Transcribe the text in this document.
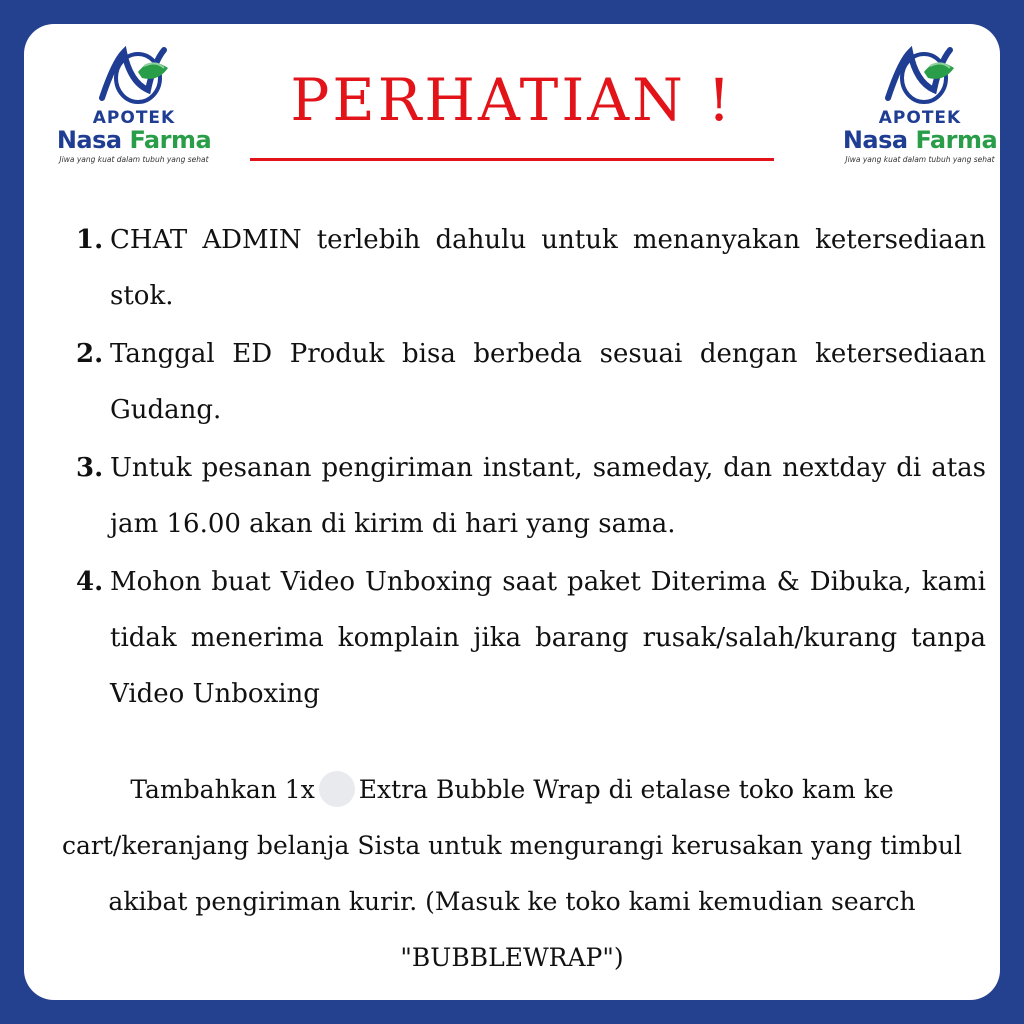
APOTEK
Nasa Farma
Jiwa yang kuat dalam tubuh yang sehat
APOTEK
Nasa Farma
Jiwa yang kuat dalam tubuh yang sehat
PERHATIAN !
1. CHAT ADMIN terlebih dahulu untuk menanyakan ketersediaan stok.
2. Tanggal ED Produk bisa berbeda sesuai dengan ketersediaan Gudang.
3. Untuk pesanan pengiriman instant, sameday, dan nextday di atas jam 16.00 akan di kirim di hari yang sama.
4. Mohon buat Video Unboxing saat paket Diterima & Dibuka, kami tidak menerima komplain jika barang rusak/salah/kurang tanpa Video Unboxing
Tambahkan 1x Extra Bubble Wrap di etalase toko kam ke cart/keranjang belanja Sista untuk mengurangi kerusakan yang timbul akibat pengiriman kurir. (Masuk ke toko kami kemudian search "BUBBLEWRAP")
